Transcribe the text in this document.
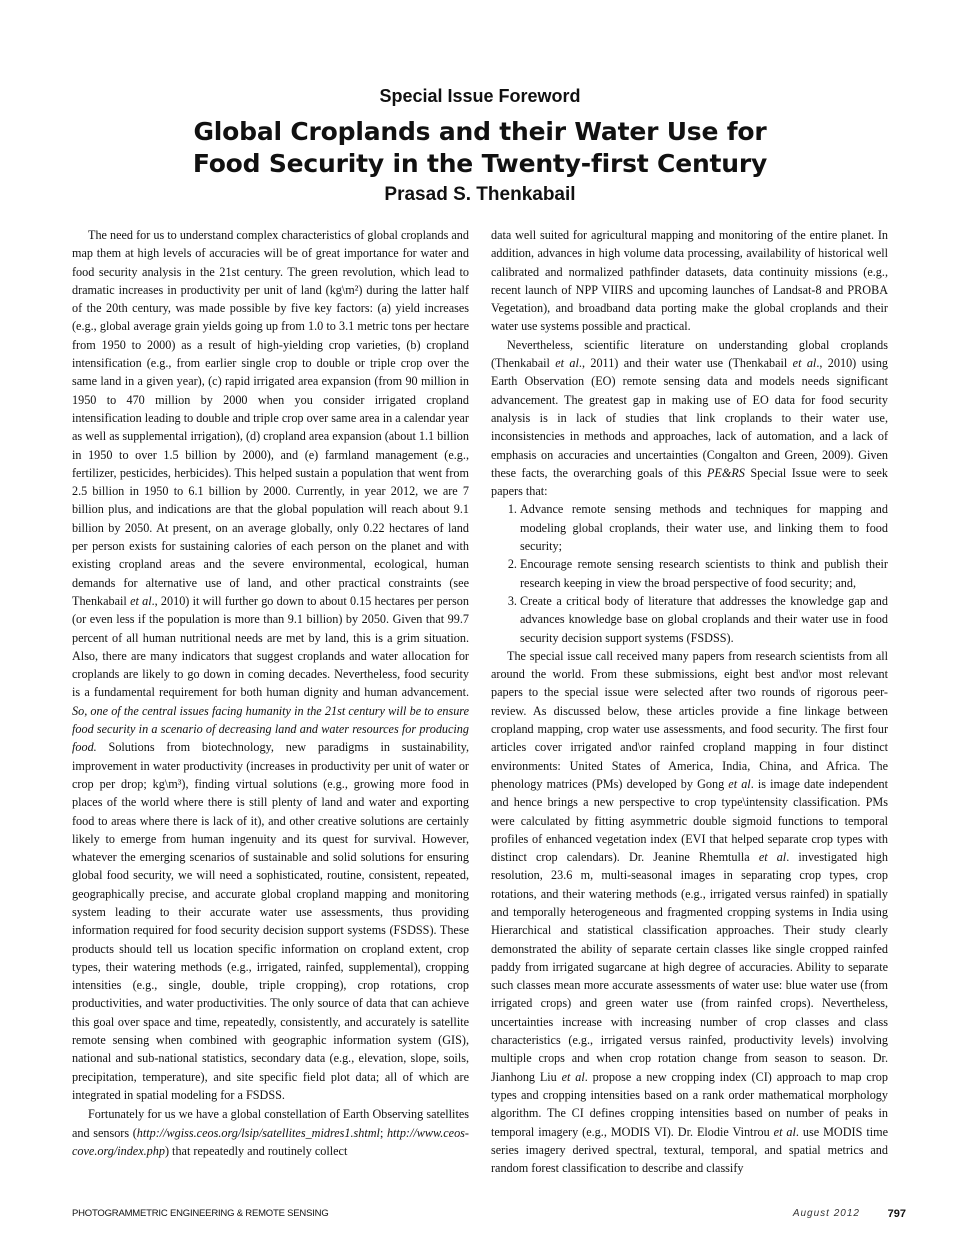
Special Issue Foreword
Global Croplands and their Water Use for
Food Security in the Twenty-first Century
Prasad S. Thenkabail

The need for us to understand complex characteristics of global croplands and map them at high levels of accuracies will be of great importance for water and food security analysis in the 21st century. The green revolution, which lead to dramatic increases in productivity per unit of land (kg\m²) during the latter half of the 20th century, was made possible by five key factors: (a) yield increases (e.g., global average grain yields going up from 1.0 to 3.1 metric tons per hectare from 1950 to 2000) as a result of high-yielding crop varieties, (b) cropland intensification (e.g., from earlier single crop to double or triple crop over the same land in a given year), (c) rapid irrigated area expansion (from 90 million in 1950 to 470 million by 2000 when you consider irrigated cropland intensification leading to double and triple crop over same area in a calendar year as well as supplemental irrigation), (d) cropland area expansion (about 1.1 billion in 1950 to over 1.5 billion by 2000), and (e) farmland management (e.g., fertilizer, pesticides, herbicides). This helped sustain a population that went from 2.5 billion in 1950 to 6.1 billion by 2000. Currently, in year 2012, we are 7 billion plus, and indications are that the global population will reach about 9.1 billion by 2050. At present, on an average globally, only 0.22 hectares of land per person exists for sustaining calories of each person on the planet and with existing cropland areas and the severe environmental, ecological, human demands for alternative use of land, and other practical constraints (see Thenkabail et al., 2010) it will further go down to about 0.15 hectares per person (or even less if the population is more than 9.1 billion) by 2050. Given that 99.7 percent of all human nutritional needs are met by land, this is a grim situation. Also, there are many indicators that suggest croplands and water allocation for croplands are likely to go down in coming decades. Nevertheless, food security is a fundamental requirement for both human dignity and human advancement. So, one of the central issues facing humanity in the 21st century will be to ensure food security in a scenario of decreasing land and water resources for producing food. Solutions from biotechnology, new paradigms in sustainability, improvement in water productivity (increases in productivity per unit of water or crop per drop; kg\m³), finding virtual solutions (e.g., growing more food in places of the world where there is still plenty of land and water and exporting food to areas where there is lack of it), and other creative solutions are certainly likely to emerge from human ingenuity and its quest for survival. However, whatever the emerging scenarios of sustainable and solid solutions for ensuring global food security, we will need a sophisticated, routine, consistent, repeated, geographically precise, and accurate global cropland mapping and monitoring system leading to their accurate water use assessments, thus providing information required for food security decision support systems (FSDSS). These products should tell us location specific information on cropland extent, crop types, their watering methods (e.g., irrigated, rainfed, supplemental), cropping intensities (e.g., single, double, triple cropping), crop rotations, crop productivities, and water productivities. The only source of data that can achieve this goal over space and time, repeatedly, consistently, and accurately is satellite remote sensing when combined with geographic information system (GIS), national and sub-national statistics, secondary data (e.g., elevation, slope, soils, precipitation, temperature), and site specific field plot data; all of which are integrated in spatial modeling for a FSDSS.

Fortunately for us we have a global constellation of Earth Observing satellites and sensors (http://wgiss.ceos.org/lsip/satellites_midres1.shtml; http://www.ceos-cove.org/index.php) that repeatedly and routinely collect

data well suited for agricultural mapping and monitoring of the entire planet. In addition, advances in high volume data processing, availability of historical well calibrated and normalized pathfinder datasets, data continuity missions (e.g., recent launch of NPP VIIRS and upcoming launches of Landsat-8 and PROBA Vegetation), and broadband data porting make the global croplands and their water use systems possible and practical.

Nevertheless, scientific literature on understanding global croplands (Thenkabail et al., 2011) and their water use (Thenkabail et al., 2010) using Earth Observation (EO) remote sensing data and models needs significant advancement. The greatest gap in making use of EO data for food security analysis is in lack of studies that link croplands to their water use, inconsistencies in methods and approaches, lack of automation, and a lack of emphasis on accuracies and uncertainties (Congalton and Green, 2009). Given these facts, the overarching goals of this PE&RS Special Issue were to seek papers that:

1. Advance remote sensing methods and techniques for mapping and modeling global croplands, their water use, and linking them to food security;
2. Encourage remote sensing research scientists to think and publish their research keeping in view the broad perspective of food security; and,
3. Create a critical body of literature that addresses the knowledge gap and advances knowledge base on global croplands and their water use in food security decision support systems (FSDSS).

The special issue call received many papers from research scientists from all around the world. From these submissions, eight best and\or most relevant papers to the special issue were selected after two rounds of rigorous peer-review. As discussed below, these articles provide a fine linkage between cropland mapping, crop water use assessments, and food security. The first four articles cover irrigated and\or rainfed cropland mapping in four distinct environments: United States of America, India, China, and Africa. The phenology matrices (PMs) developed by Gong et al. is image date independent and hence brings a new perspective to crop type\intensity classification. PMs were calculated by fitting asymmetric double sigmoid functions to temporal profiles of enhanced vegetation index (EVI that helped separate crop types with distinct crop calendars). Dr. Jeanine Rhemtulla et al. investigated high resolution, 23.6 m, multi-seasonal images in separating crop types, crop rotations, and their watering methods (e.g., irrigated versus rainfed) in spatially and temporally heterogeneous and fragmented cropping systems in India using Hierarchical and statistical classification approaches. Their study clearly demonstrated the ability of separate certain classes like single cropped rainfed paddy from irrigated sugarcane at high degree of accuracies. Ability to separate such classes mean more accurate assessments of water use: blue water use (from irrigated crops) and green water use (from rainfed crops). Nevertheless, uncertainties increase with increasing number of crop classes and class characteristics (e.g., irrigated versus rainfed, productivity levels) involving multiple crops and when crop rotation change from season to season. Dr. Jianhong Liu et al. propose a new cropping index (CI) approach to map crop types and cropping intensities based on a rank order mathematical morphology algorithm. The CI defines cropping intensities based on number of peaks in temporal imagery (e.g., MODIS VI). Dr. Elodie Vintrou et al. use MODIS time series imagery derived spectral, textural, temporal, and spatial metrics and random forest classification to describe and classify

PHOTOGRAMMETRIC ENGINEERING & REMOTE SENSING	August 2012	797
